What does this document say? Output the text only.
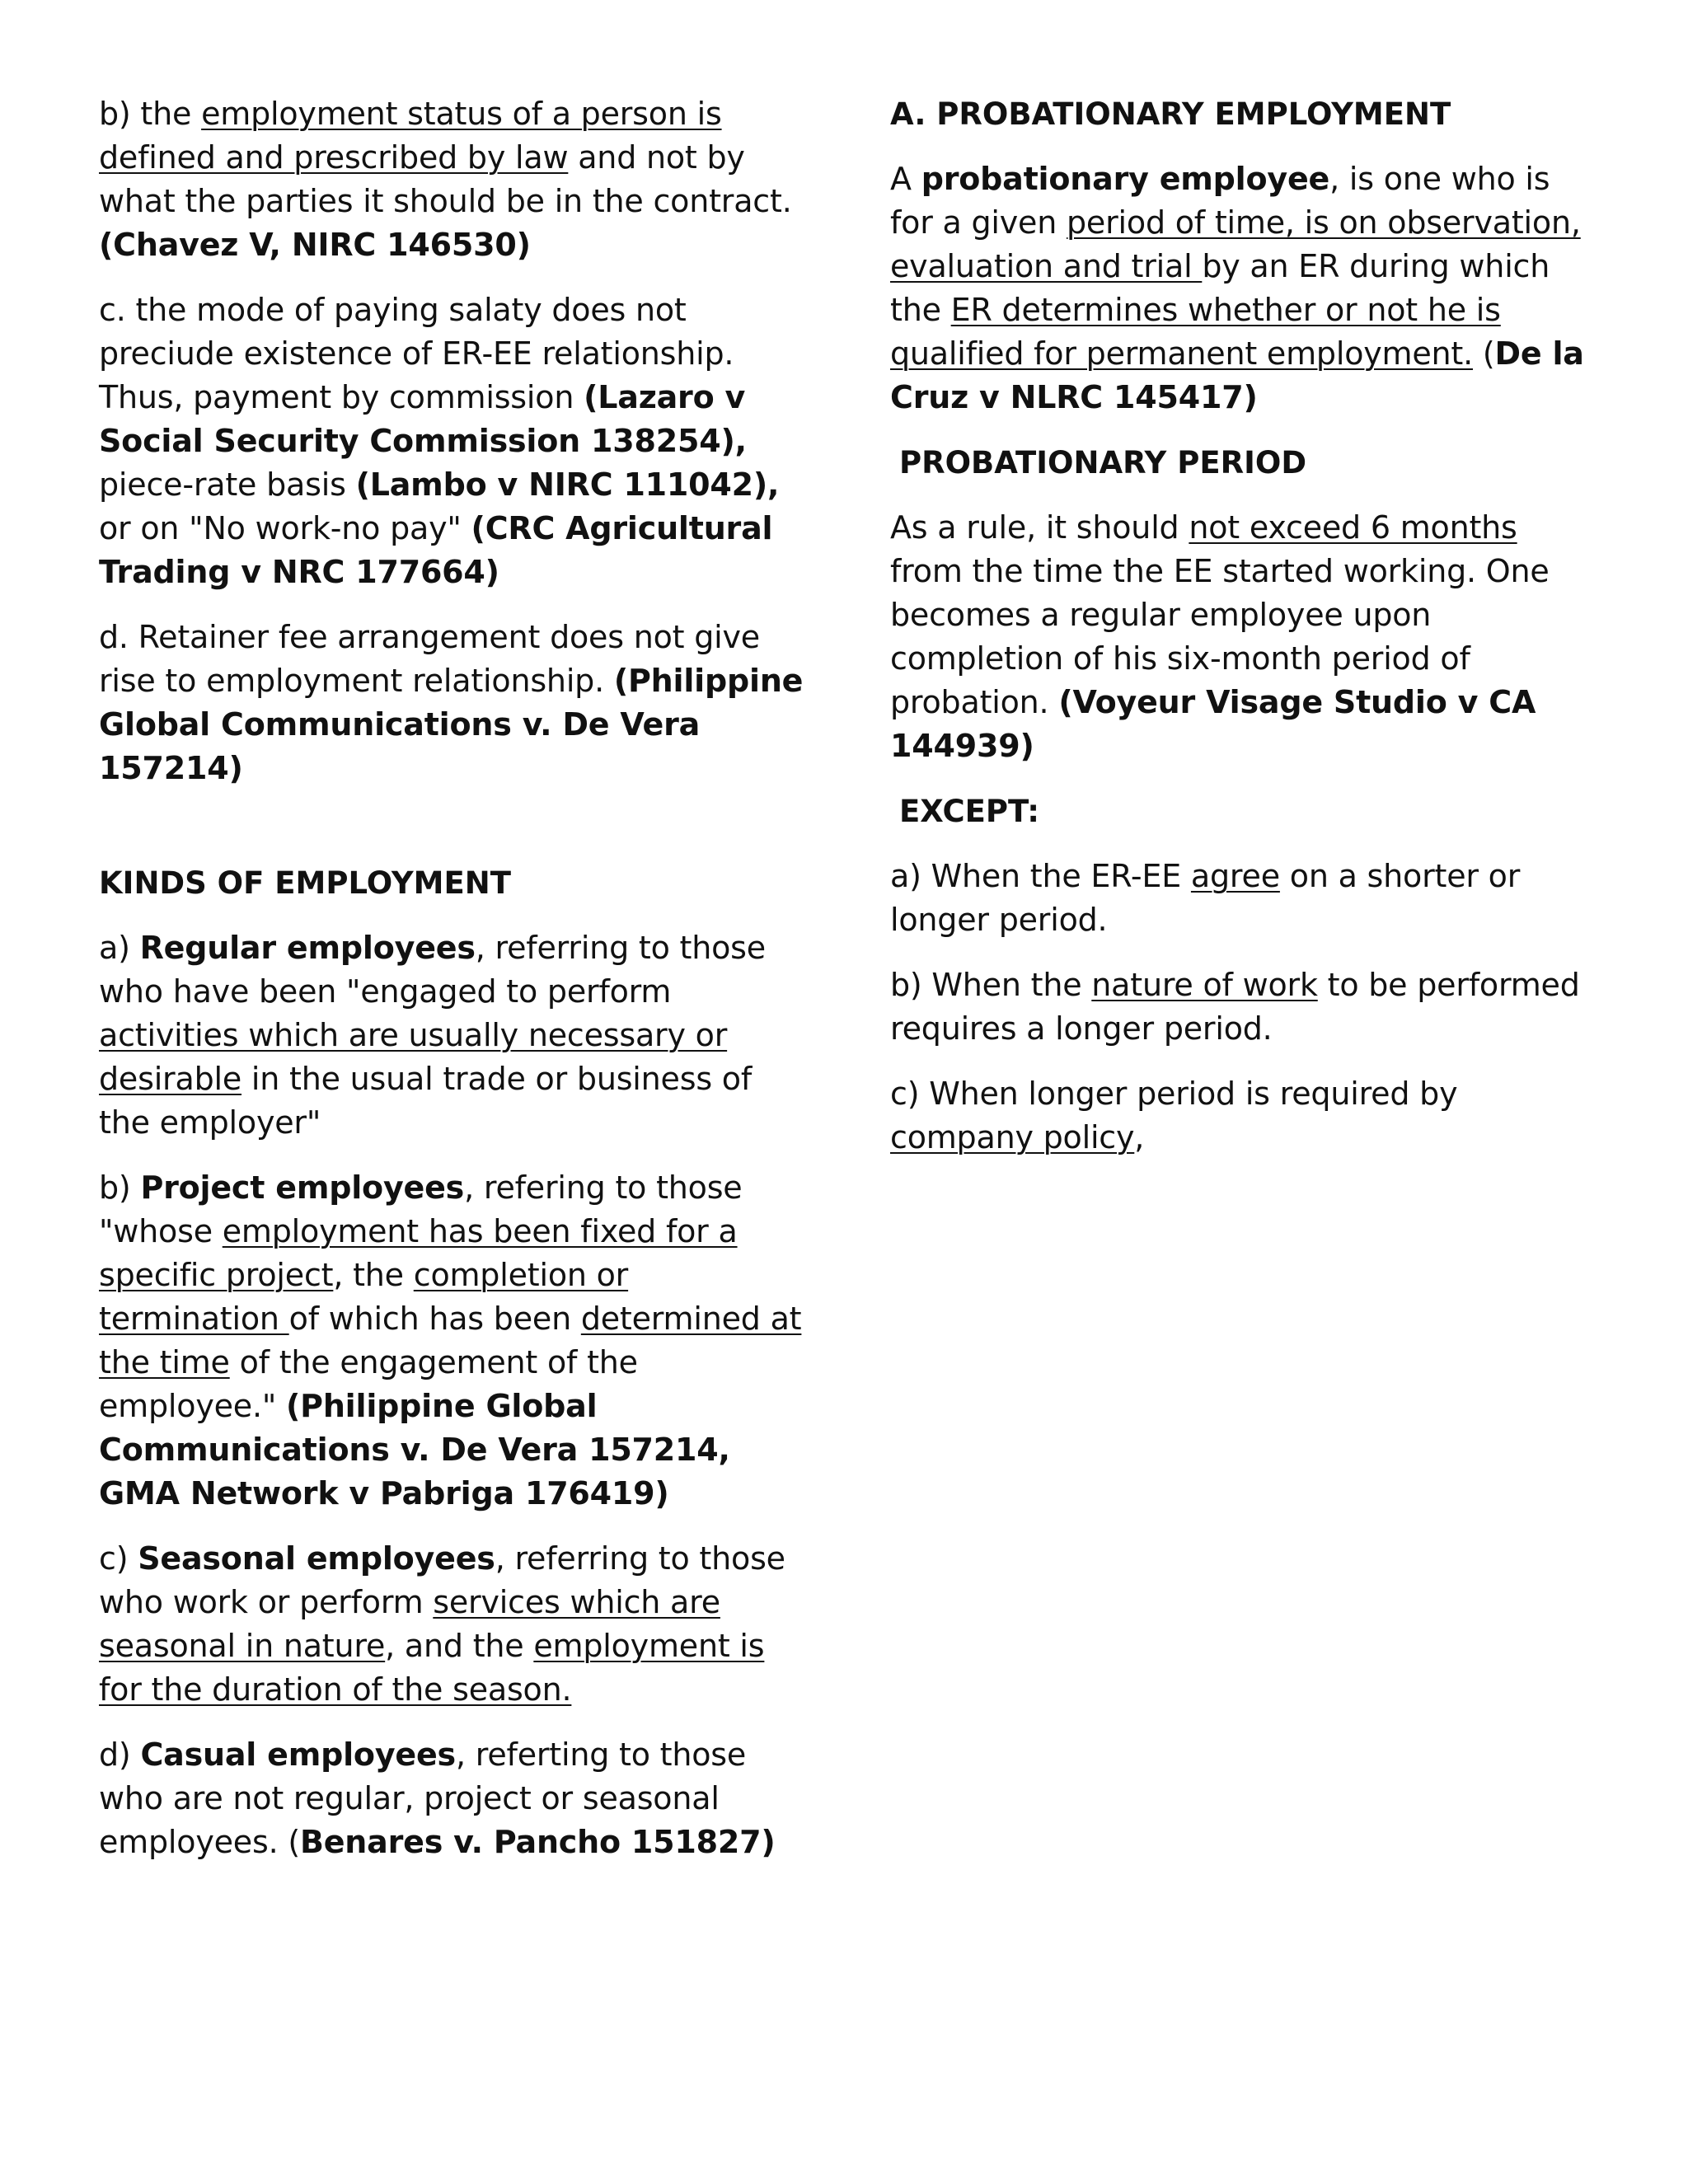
b) the employment status of a person is defined and prescribed by law and not by what the parties it should be in the contract. (Chavez V, NIRC 146530)

c. the mode of paying salaty does not preciude existence of ER-EE relationship. Thus, payment by commission (Lazaro v Social Security Commission 138254), piece-rate basis (Lambo v NIRC 111042), or on "No work-no pay" (CRC Agricultural Trading v NRC 177664)

d. Retainer fee arrangement does not give rise to employment relationship. (Philippine Global Communications v. De Vera 157214)

KINDS OF EMPLOYMENT

a) Regular employees, referring to those who have been "engaged to perform activities which are usually necessary or desirable in the usual trade or business of the employer"

b) Project employees, refering to those "whose employment has been fixed for a specific project, the completion or termination of which has been determined at the time of the engagement of the employee." (Philippine Global Communications v. De Vera 157214, GMA Network v Pabriga 176419)

c) Seasonal employees, referring to those who work or perform services which are seasonal in nature, and the employment is for the duration of the season.

d) Casual employees, referting to those who are not regular, project or seasonal employees. (Benares v. Pancho 151827)

A. PROBATIONARY EMPLOYMENT

A probationary employee, is one who is for a given period of time, is on observation, evaluation and trial by an ER during which the ER determines whether or not he is qualified for permanent employment. (De la Cruz v NLRC 145417)

PROBATIONARY PERIOD

As a rule, it should not exceed 6 months from the time the EE started working. One becomes a regular employee upon completion of his six-month period of probation. (Voyeur Visage Studio v CA 144939)

EXCEPT:

a) When the ER-EE agree on a shorter or longer period.

b) When the nature of work to be performed requires a longer period.

c) When longer period is required by company policy,
